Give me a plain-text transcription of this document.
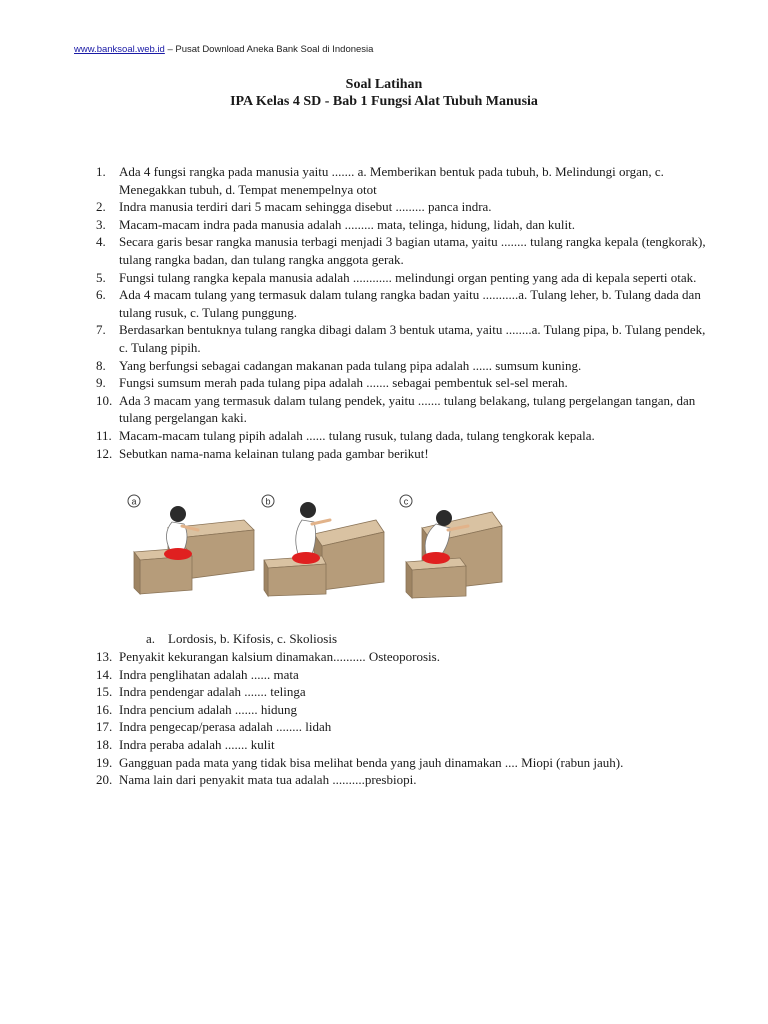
www.banksoal.web.id – Pusat Download Aneka Bank Soal di Indonesia
Soal Latihan
IPA Kelas 4 SD - Bab 1 Fungsi Alat Tubuh Manusia
1.	Ada 4 fungsi rangka pada manusia yaitu ....... a. Memberikan bentuk pada tubuh, b. Melindungi organ, c. Menegakkan tubuh, d. Tempat menempelnya otot
2.	Indra manusia terdiri dari 5 macam sehingga disebut ......... panca indra.
3.	Macam-macam indra pada manusia adalah ......... mata, telinga, hidung, lidah, dan kulit.
4.	Secara garis besar rangka manusia terbagi menjadi 3 bagian utama, yaitu ........ tulang rangka kepala (tengkorak), tulang rangka badan, dan tulang rangka anggota gerak.
5.	Fungsi tulang rangka kepala manusia adalah ............ melindungi organ penting yang ada di kepala seperti otak.
6.	Ada 4 macam tulang yang termasuk dalam tulang rangka badan yaitu ...........a. Tulang leher, b. Tulang dada dan tulang rusuk, c. Tulang punggung.
7.	Berdasarkan bentuknya tulang rangka dibagi dalam 3 bentuk utama, yaitu ........a. Tulang pipa, b. Tulang pendek, c. Tulang pipih.
8.	Yang berfungsi sebagai cadangan makanan pada tulang pipa adalah ...... sumsum kuning.
9.	Fungsi sumsum merah pada tulang pipa adalah ....... sebagai pembentuk sel-sel merah.
10. Ada 3 macam yang termasuk dalam tulang pendek, yaitu ....... tulang belakang, tulang pergelangan tangan, dan tulang pergelangan kaki.
11. Macam-macam tulang pipih adalah ...... tulang rusuk, tulang dada, tulang tengkorak kepala.
12. Sebutkan nama-nama kelainan tulang pada gambar berikut!
a	b	c
a. Lordosis, b. Kifosis, c. Skoliosis
13. Penyakit kekurangan kalsium dinamakan.......... Osteoporosis.
14. Indra penglihatan adalah ...... mata
15. Indra pendengar adalah ....... telinga
16. Indra pencium adalah ....... hidung
17. Indra pengecap/perasa adalah ........ lidah
18. Indra peraba adalah ....... kulit
19. Gangguan pada mata yang tidak bisa melihat benda yang jauh dinamakan .... Miopi (rabun jauh).
20. Nama lain dari penyakit mata tua adalah ..........presbiopi.
